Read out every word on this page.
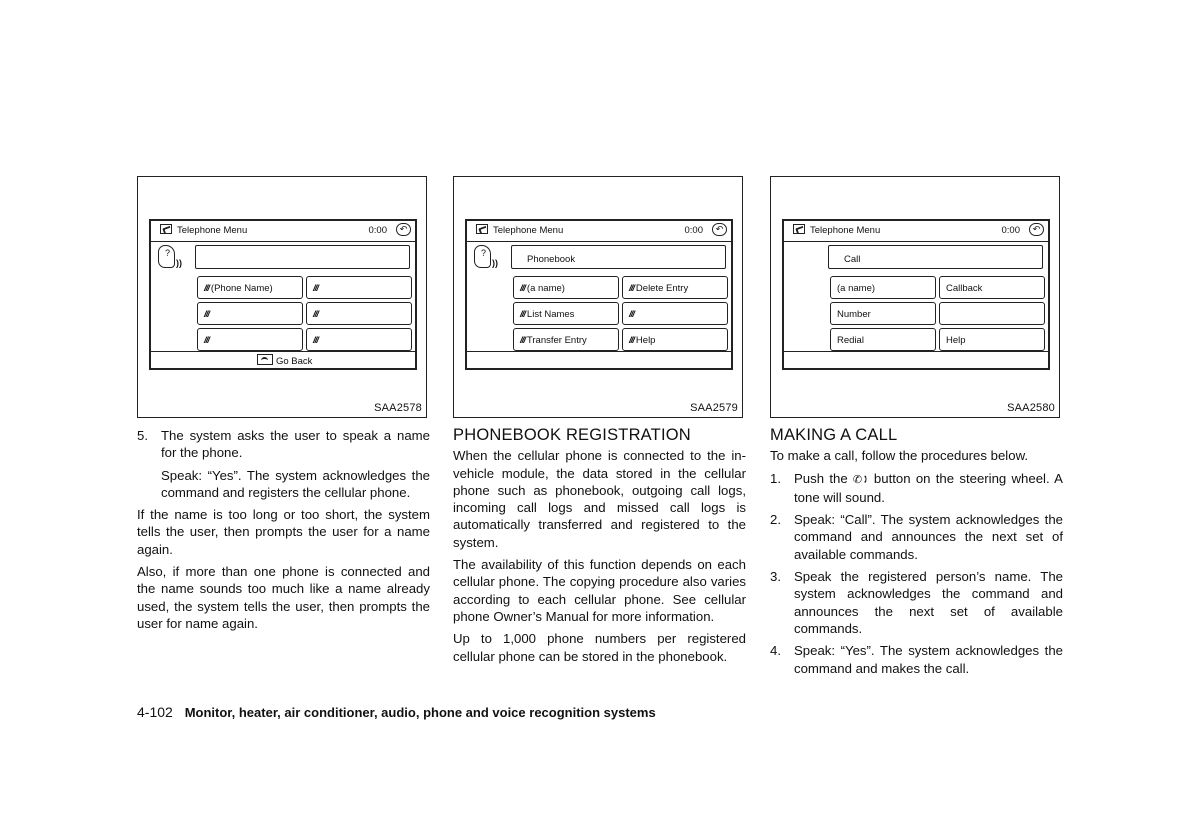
Telephone Menu	0:00	↶
?
))
/// (Phone Name)	///
///	///
///	///
Go Back
SAA2578
Telephone Menu	0:00	↶
?
))	Phonebook
/// (a name)	/// Delete Entry
/// List Names	///
/// Transfer Entry	/// Help
SAA2579
Telephone Menu	0:00	↶
Call
(a name)	Callback
Number
Redial	Help
SAA2580
5. The system asks the user to speak a name for the phone.

Speak: “Yes”. The system acknowledges the command and registers the cellular phone.

If the name is too long or too short, the system tells the user, then prompts the user for a name again.

Also, if more than one phone is connected and the name sounds too much like a name already used, the system tells the user, then prompts the user for name again.

PHONEBOOK REGISTRATION

When the cellular phone is connected to the in-vehicle module, the data stored in the cellular phone such as phonebook, outgoing call logs, incoming call logs and missed call logs is automatically transferred and registered to the system.

The availability of this function depends on each cellular phone. The copying procedure also varies according to each cellular phone. See cellular phone Owner’s Manual for more information.

Up to 1,000 phone numbers per registered cellular phone can be stored in the phonebook.

MAKING A CALL

To make a call, follow the procedures below.

1. Push the ✆🕽 button on the steering wheel. A tone will sound.
2. Speak: “Call”. The system acknowledges the command and announces the next set of available commands.
3. Speak the registered person’s name. The system acknowledges the command and announces the next set of available commands.
4. Speak: “Yes”. The system acknowledges the command and makes the call.
4-102 Monitor, heater, air conditioner, audio, phone and voice recognition systems
